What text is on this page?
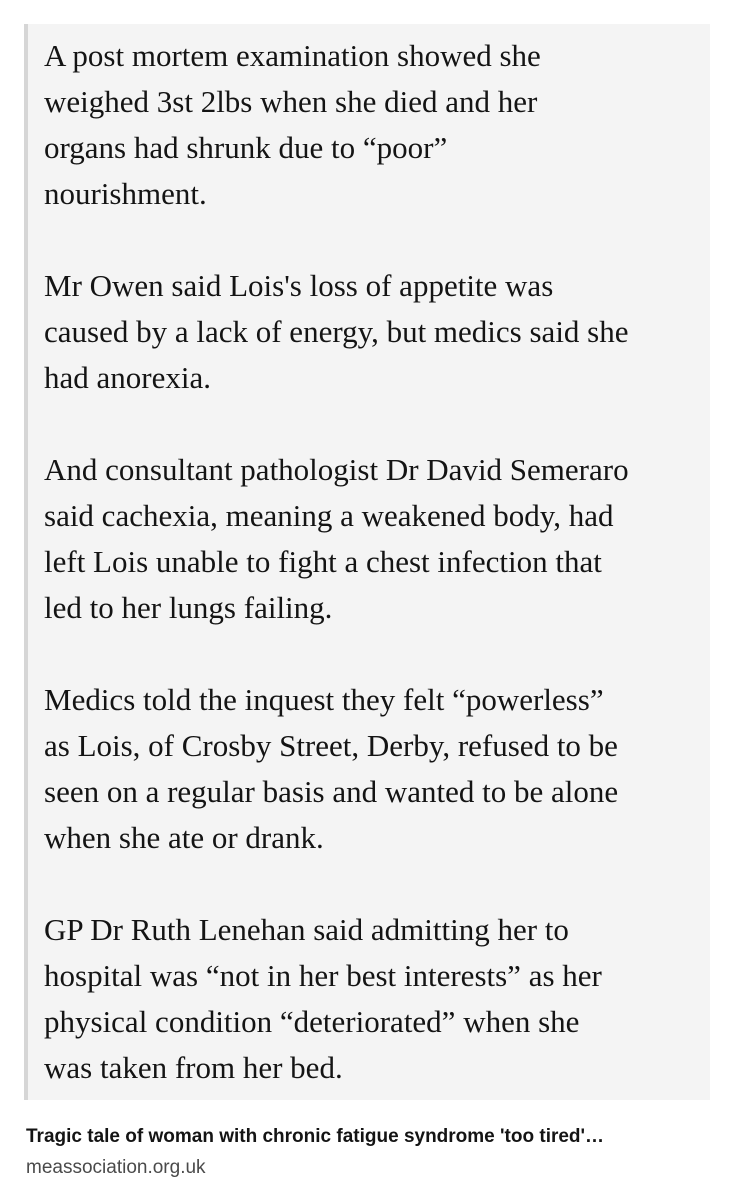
A post mortem examination showed she
weighed 3st 2lbs when she died and her
organs had shrunk due to “poor”
nourishment.

Mr Owen said Lois's loss of appetite was
caused by a lack of energy, but medics said she
had anorexia.

And consultant pathologist Dr David Semeraro
said cachexia, meaning a weakened body, had
left Lois unable to fight a chest infection that
led to her lungs failing.

Medics told the inquest they felt “powerless”
as Lois, of Crosby Street, Derby, refused to be
seen on a regular basis and wanted to be alone
when she ate or drank.

GP Dr Ruth Lenehan said admitting her to
hospital was “not in her best interests” as her
physical condition “deteriorated” when she
was taken from her bed.

Tragic tale of woman with chronic fatigue syndrome 'too tired'…
meassociation.org.uk
